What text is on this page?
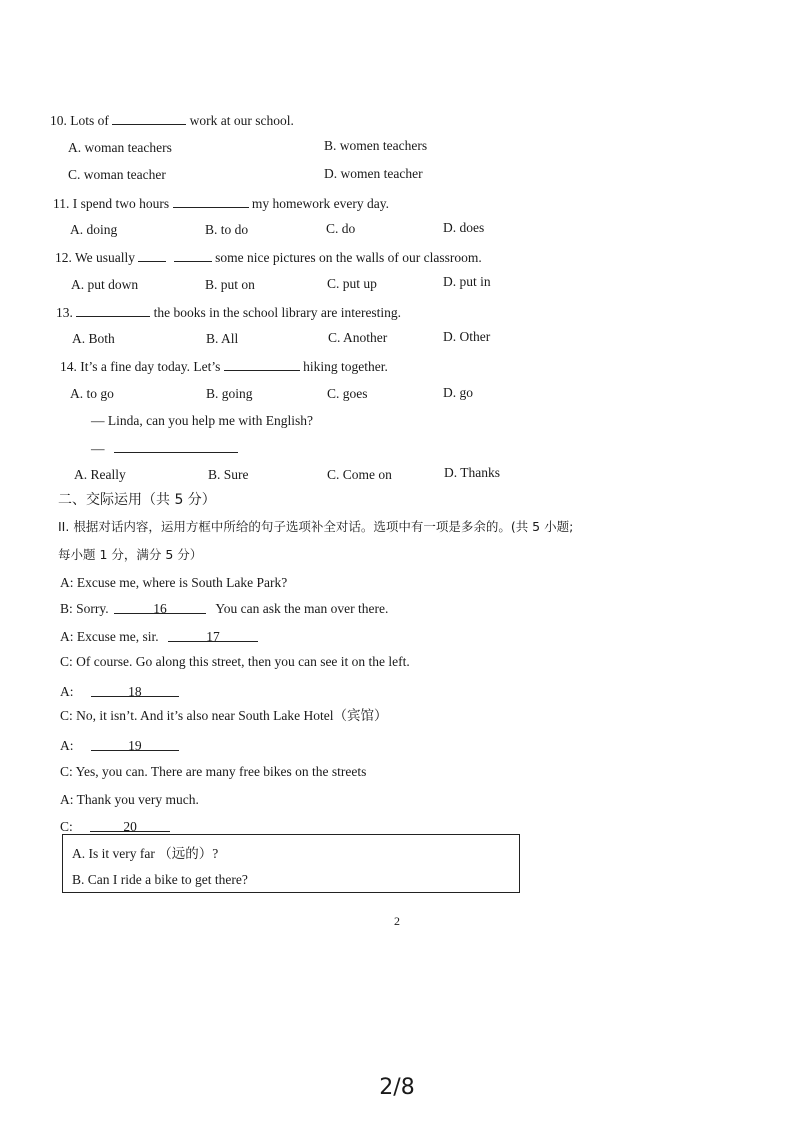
10. Lots of	work at our school.
A. woman teachers	B. women teachers
C. woman teacher	D. women teacher
11. I spend two hours	my homework every day.
A. doing	B. to do	C. do	D. does
12. We usually	some nice pictures on the walls of our classroom.
A. put down	B. put on	C. put up	D. put in
13.	the books in the school library are interesting.
A. Both	B. All	C. Another	D. Other
14. It’s a fine day today. Let’s	hiking together.
A. to go	B. going	C. goes	D. go
— Linda, can you help me with English?
—
A. Really	B. Sure	C. Come on	D. Thanks
二、交际运用（共 5 分）
II. 根据对话内容，运用方框中所给的句子选项补全对话。选项中有一项是多余的。(共 5 小题;
每小题 1 分，满分 5 分）
A: Excuse me, where is South Lake Park?
B: Sorry.	16	You can ask the man over there.
A: Excuse me, sir.	17
C: Of course. Go along this street, then you can see it on the left.
A:	18
C: No, it isn’t. And it’s also near South Lake Hotel（宾馆）
A:	19
C: Yes, you can. There are many free bikes on the streets
A: Thank you very much.
C:	20
A. Is it very far （远的）?
B. Can I ride a bike to get there?
2
2/8
